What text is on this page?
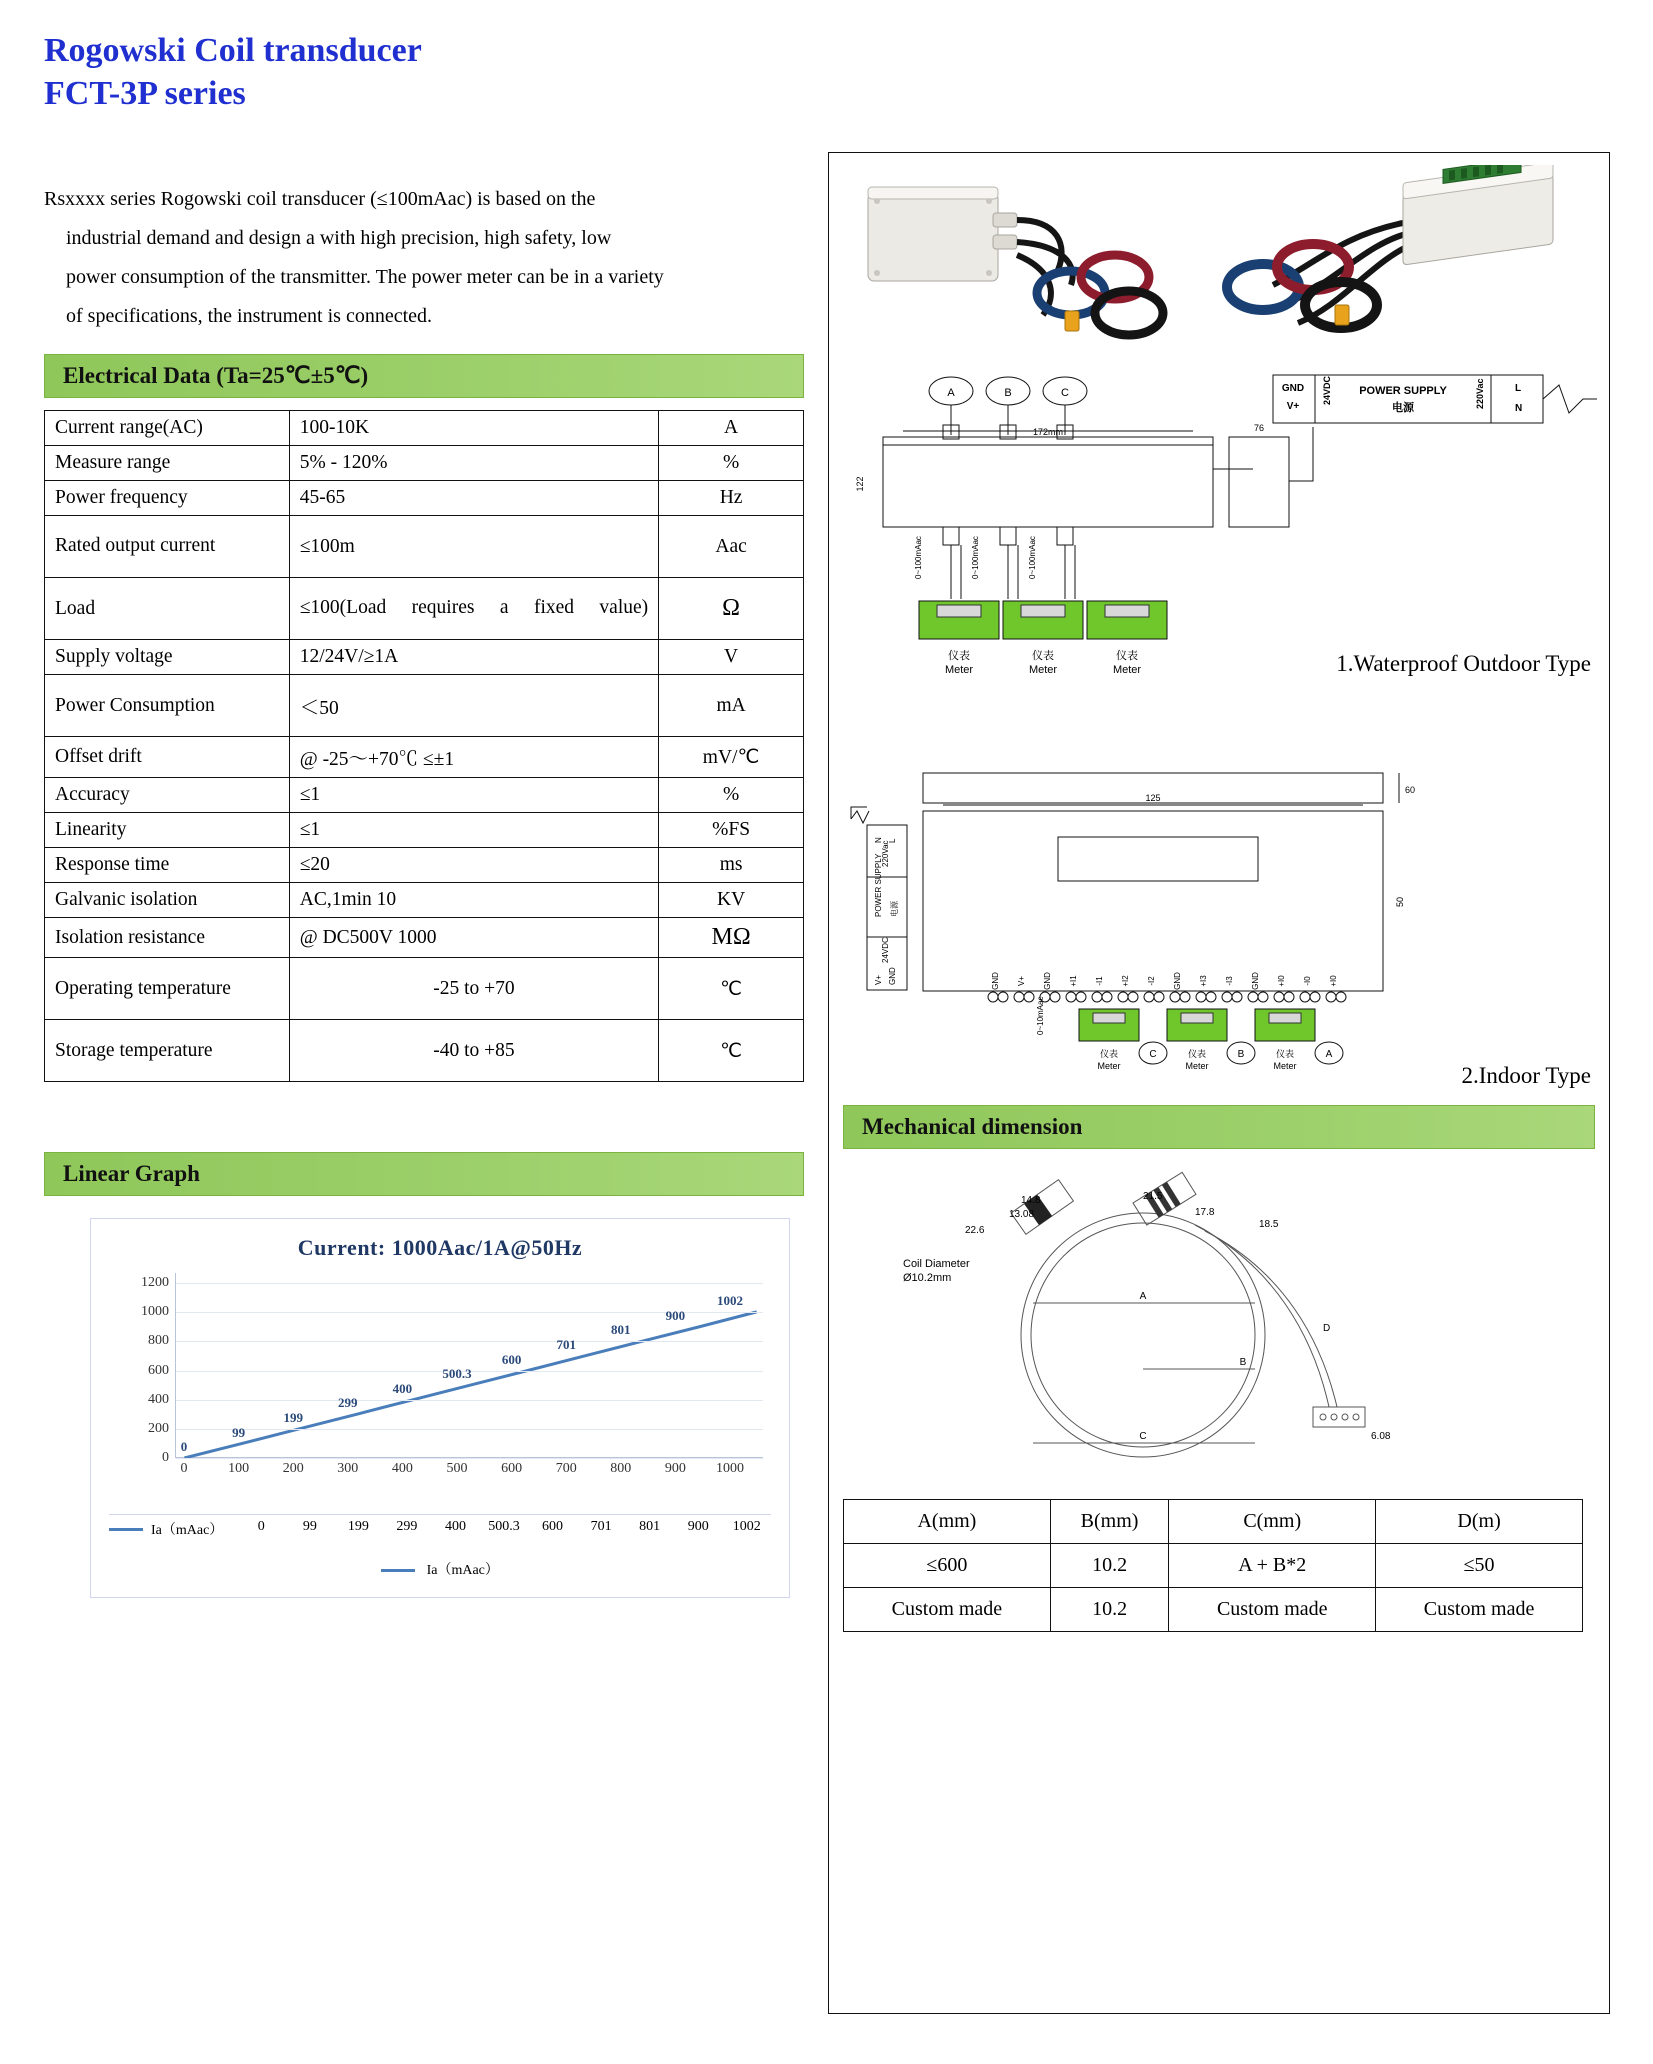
Rogowski Coil transducer
FCT-3P series
Rsxxxx series Rogowski coil transducer (≤100mAac) is based on the

industrial demand and design a with high precision, high safety, low
power consumption of the transmitter. The power meter can be in a variety
of specifications, the instrument is connected.
Electrical Data (Ta=25℃±5℃)
Current range(AC)	100-10K	A
Measure range	5% - 120%	%
Power frequency	45-65	Hz
Rated output current	≤100m	Aac
Load	≤100(Load requires a fixed value)	Ω
Supply voltage	12/24V/≥1A	V
Power Consumption	＜50	mA
Offset drift	@ -25～+70℃ ≤±1	mV/℃
Accuracy	≤1	%
Linearity	≤1	%FS
Response time	≤20	ms
Galvanic isolation	AC,1min 10	KV
Isolation resistance	@ DC500V 1000	MΩ
Operating temperature	-25 to +70	℃
Storage temperature	-40 to +85	℃
Linear Graph
Current: 1000Aac/1A@50Hz
0
200
400
600
800
1000
1200
0	100 200 300 400 500 600 700 800 900 1000
99
199
299
400
500.3
600
701
801
900
1002
0
Ia（mAac）	0	99	199	299	400	500.3	600	701	801	900	1002
Ia（mAac）
A	B	C	GND
V+
24VDC POWER SUPPLY
电源	220Vac	L
N
172mm
122
76
0~100mAac	0~100mAac	0~100mAac
仪表
Meter
仪表
Meter
仪表
Meter	1.Waterproof Outdoor Type
60
125
50
N L
220Vac
POWER SUPPLY 电源
24VDC
V+ GND	GND V+ GND +I1 -I1 +I2 -I2 GND +I3 -I3 GND +I0 -I0 +I0
仪表
Meter
仪表
Meter
仪表
Meter
0~10mAac
C	B	A
2.Indoor Type
Mechanical dimension
Coil Diameter
Ø10.2mm
22.6
14.8
13.08
21.5
17.8
18.5
6.08
A
B
C
D
A(mm)	B(mm)	C(mm)	D(m)
≤600	10.2	A + B*2	≤50
Custom made	10.2	Custom made	Custom made
